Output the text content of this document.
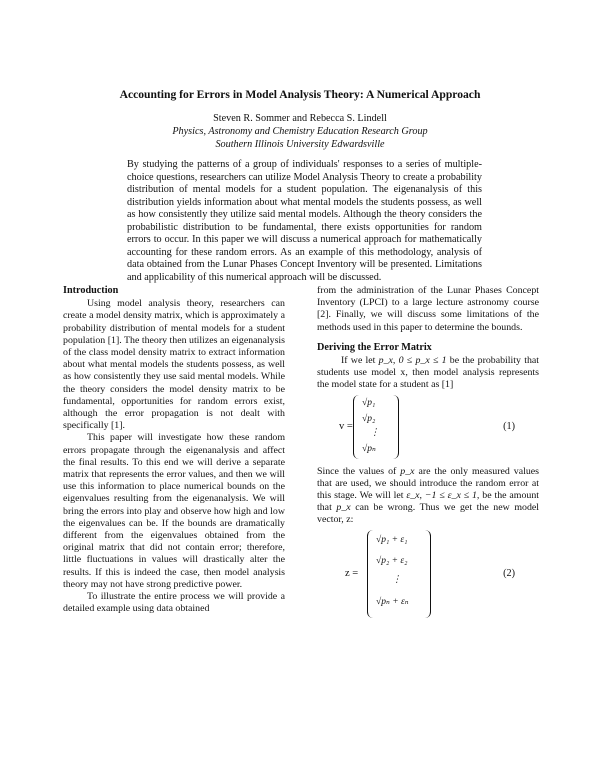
Accounting for Errors in Model Analysis Theory: A Numerical Approach
Steven R. Sommer and Rebecca S. Lindell
Physics, Astronomy and Chemistry Education Research Group
Southern Illinois University Edwardsville
By studying the patterns of a group of individuals' responses to a series of multiple-choice questions, researchers can utilize Model Analysis Theory to create a probability distribution of mental models for a student population. The eigenanalysis of this distribution yields information about what mental models the students possess, as well as how consistently they utilize said mental models. Although the theory considers the probabilistic distribution to be fundamental, there exists opportunities for random errors to occur. In this paper we will discuss a numerical approach for mathematically accounting for these random errors. As an example of this methodology, analysis of data obtained from the Lunar Phases Concept Inventory will be presented. Limitations and applicability of this numerical approach will be discussed.
Introduction

Using model analysis theory, researchers can create a model density matrix, which is approximately a probability distribution of mental models for a student population [1]. The theory then utilizes an eigenanalysis of the class model density matrix to extract information about what mental models the students possess, as well as how consistently they use said mental models. While the theory considers the model density matrix to be fundamental, opportunities for random errors exist, although the error propagation is not dealt with specifically [1].

This paper will investigate how these random errors propagate through the eigenanalysis and affect the final results. To this end we will derive a separate matrix that represents the error values, and then we will use this information to place numerical bounds on the eigenvalues resulting from the eigenanalysis. We will bring the errors into play and observe how high and low the eigenvalues can be. If the bounds are dramatically different from the eigenvalues obtained from the original matrix that did not contain error; therefore, little fluctuations in values will drastically alter the results. If this is indeed the case, then model analysis theory may not have strong predictive power.

To illustrate the entire process we will provide a detailed example using data obtained

from the administration of the Lunar Phases Concept Inventory (LPCI) to a large lecture astronomy course [2]. Finally, we will discuss some limitations of the methods used in this paper to determine the bounds.

Deriving the Error Matrix

If we let p_x, 0 ≤ p_x ≤ 1 be the probability that students use model x, then model analysis represents the model state for a student as [1]

v =
√p₁
√p₂
⋮
√pₙ
(1)

Since the values of p_x are the only measured values that are used, we should introduce the random error at this stage. We will let ε_x, −1 ≤ ε_x ≤ 1, be the amount that p_x can be wrong. Thus we get the new model vector, z:

z =
√p₁ + ε₁
√p₂ + ε₂
⋮
√pₙ + εₙ
(2)
